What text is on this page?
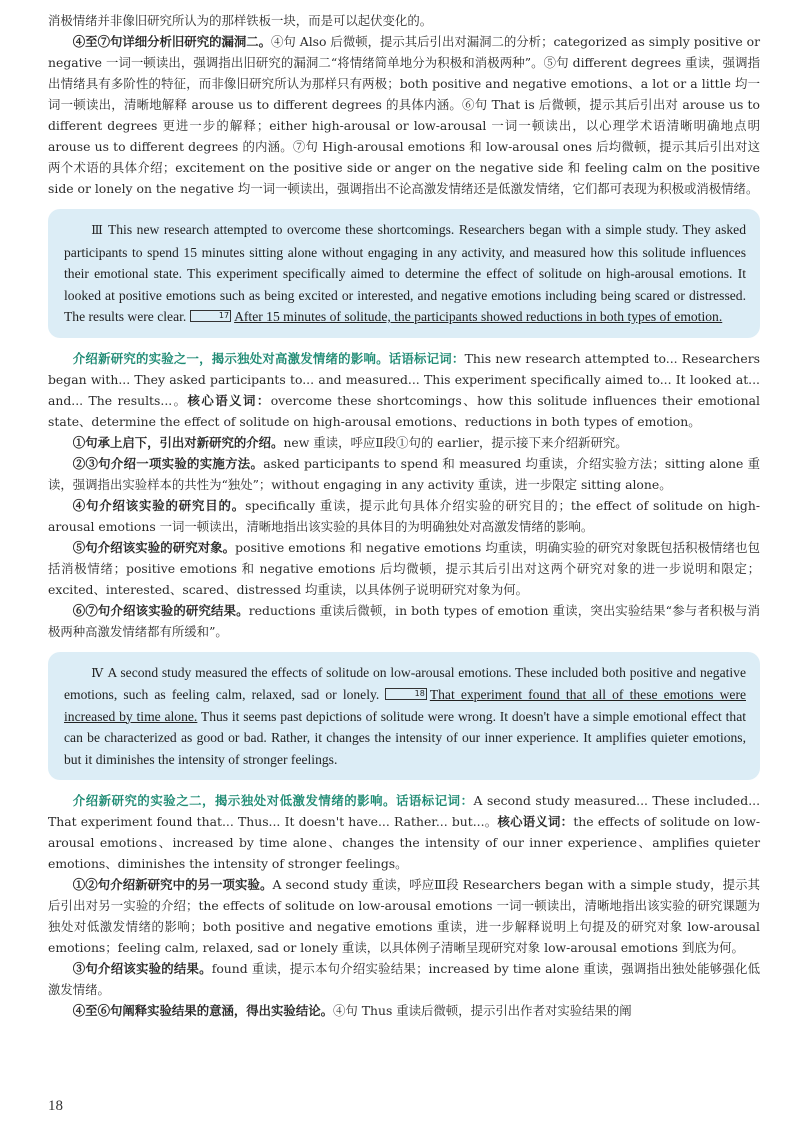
消极情绪并非像旧研究所认为的那样铁板一块，而是可以起伏变化的。

④至⑦句详细分析旧研究的漏洞二。④句 Also 后微顿，提示其后引出对漏洞二的分析；categorized as simply positive or negative 一词一顿读出，强调指出旧研究的漏洞二“将情绪简单地分为积极和消极两种”。⑤句 different degrees 重读，强调指出情绪具有多阶性的特征，而非像旧研究所认为那样只有两极；both positive and negative emotions、a lot or a little 均一词一顿读出，清晰地解释 arouse us to different degrees 的具体内涵。⑥句 That is 后微顿，提示其后引出对 arouse us to different degrees 更进一步的解释；either high-arousal or low-arousal 一词一顿读出，以心理学术语清晰明确地点明 arouse us to different degrees 的内涵。⑦句 High-arousal emotions 和 low-arousal ones 后均微顿，提示其后引出对这两个术语的具体介绍；excitement on the positive side or anger on the negative side 和 feeling calm on the positive side or lonely on the negative 均一词一顿读出，强调指出不论高激发情绪还是低激发情绪，它们都可表现为积极或消极情绪。

Ⅲ This new research attempted to overcome these shortcomings. Researchers began with a simple study. They asked participants to spend 15 minutes sitting alone without engaging in any activity, and measured how this solitude influences their emotional state. This experiment specifically aimed to determine the effect of solitude on high-arousal emotions. It looked at positive emotions such as being excited or interested, and negative emotions including being scared or distressed. The results were clear.	17 After 15 minutes of solitude, the participants showed reductions in both types of emotion.

介绍新研究的实验之一，揭示独处对高激发情绪的影响。话语标记词：This new research attempted to... Researchers began with... They asked participants to... and measured... This experiment specifically aimed to... It looked at... and... The results...。核心语义词：overcome these shortcomings、how this solitude influences their emotional state、determine the effect of solitude on high-arousal emotions、reductions in both types of emotion。

①句承上启下，引出对新研究的介绍。new 重读，呼应Ⅱ段①句的 earlier，提示接下来介绍新研究。

②③句介绍一项实验的实施方法。asked participants to spend 和 measured 均重读，介绍实验方法；sitting alone 重读，强调指出实验样本的共性为“独处”；without engaging in any activity 重读，进一步限定 sitting alone。

④句介绍该实验的研究目的。specifically 重读，提示此句具体介绍实验的研究目的；the effect of solitude on high-arousal emotions 一词一顿读出，清晰地指出该实验的具体目的为明确独处对高激发情绪的影响。

⑤句介绍该实验的研究对象。positive emotions 和 negative emotions 均重读，明确实验的研究对象既包括积极情绪也包括消极情绪；positive emotions 和 negative emotions 后均微顿，提示其后引出对这两个研究对象的进一步说明和限定；excited、interested、scared、distressed 均重读，以具体例子说明研究对象为何。

⑥⑦句介绍该实验的研究结果。reductions 重读后微顿，in both types of emotion 重读，突出实验结果“参与者积极与消极两种高激发情绪都有所缓和”。

Ⅳ A second study measured the effects of solitude on low-arousal emotions. These included both positive and negative emotions, such as feeling calm, relaxed, sad or lonely.	18 That experiment found that all of these emotions were increased by time alone. Thus it seems past depictions of solitude were wrong. It doesn't have a simple emotional effect that can be characterized as good or bad. Rather, it changes the intensity of our inner experience. It amplifies quieter emotions, but it diminishes the intensity of stronger feelings.

介绍新研究的实验之二，揭示独处对低激发情绪的影响。话语标记词：A second study measured... These included... That experiment found that... Thus... It doesn't have... Rather... but...。核心语义词：the effects of solitude on low-arousal emotions、increased by time alone、changes the intensity of our inner experience、amplifies quieter emotions、diminishes the intensity of stronger feelings。

①②句介绍新研究中的另一项实验。A second study 重读，呼应Ⅲ段 Researchers began with a simple study，提示其后引出对另一实验的介绍；the effects of solitude on low-arousal emotions 一词一顿读出，清晰地指出该实验的研究课题为独处对低激发情绪的影响；both positive and negative emotions 重读，进一步解释说明上句提及的研究对象 low-arousal emotions；feeling calm, relaxed, sad or lonely 重读，以具体例子清晰呈现研究对象 low-arousal emotions 到底为何。

③句介绍该实验的结果。found 重读，提示本句介绍实验结果；increased by time alone 重读，强调指出独处能够强化低激发情绪。

④至⑥句阐释实验结果的意涵，得出实验结论。④句 Thus 重读后微顿，提示引出作者对实验结果的阐

18
